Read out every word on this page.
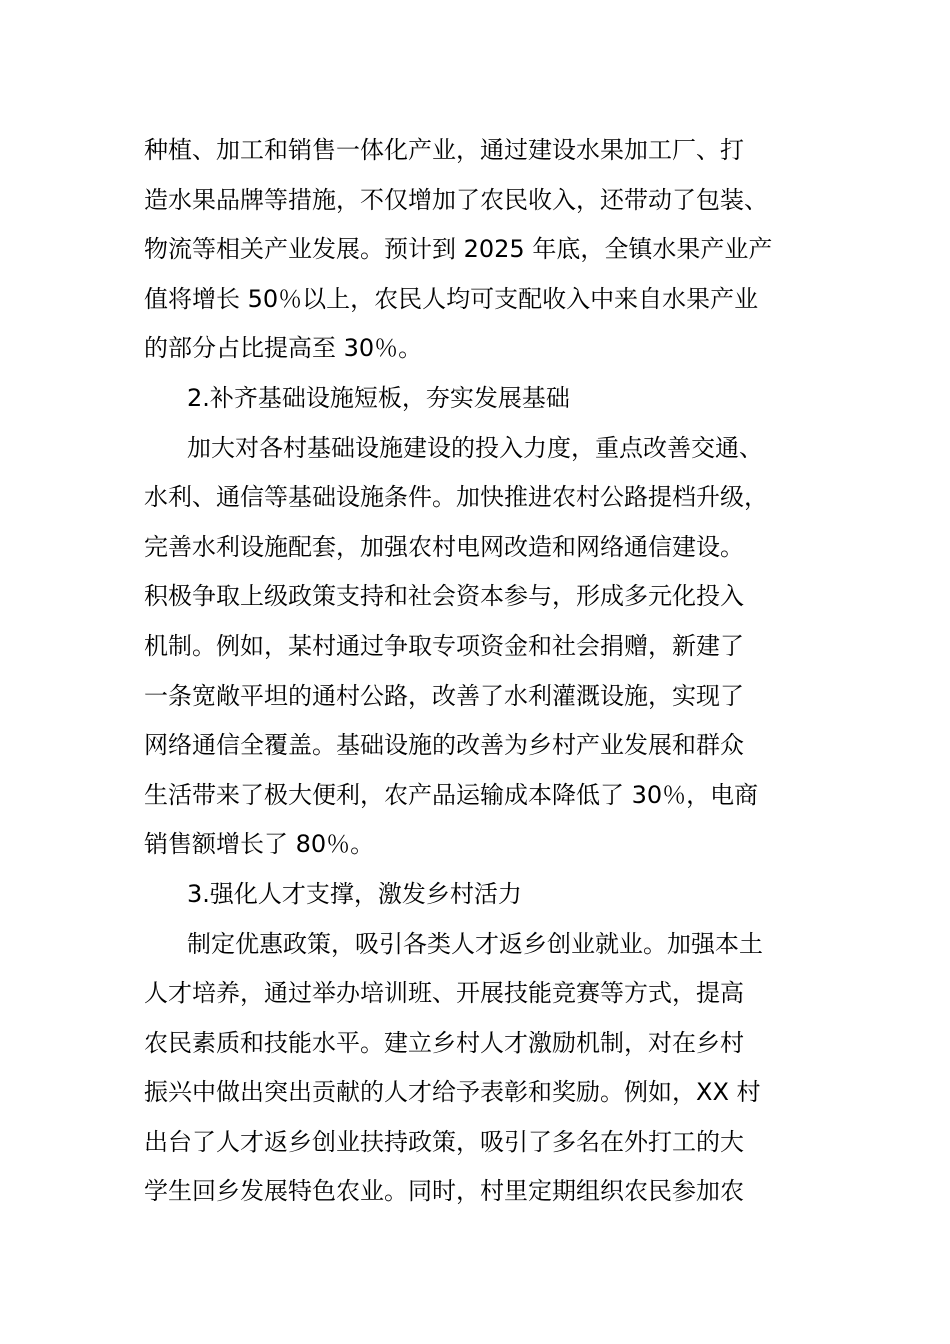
种植、加工和销售一体化产业，通过建设水果加工厂、打
造水果品牌等措施，不仅增加了农民收入，还带动了包装、
物流等相关产业发展。预计到 2025 年底，全镇水果产业产
值将增长 50％以上，农民人均可支配收入中来自水果产业
的部分占比提高至 30％。
2.补齐基础设施短板，夯实发展基础
加大对各村基础设施建设的投入力度，重点改善交通、
水利、通信等基础设施条件。加快推进农村公路提档升级，
完善水利设施配套，加强农村电网改造和网络通信建设。
积极争取上级政策支持和社会资本参与，形成多元化投入
机制。例如，某村通过争取专项资金和社会捐赠，新建了
一条宽敞平坦的通村公路，改善了水利灌溉设施，实现了
网络通信全覆盖。基础设施的改善为乡村产业发展和群众
生活带来了极大便利，农产品运输成本降低了 30％，电商
销售额增长了 80％。
3.强化人才支撑，激发乡村活力
制定优惠政策，吸引各类人才返乡创业就业。加强本土
人才培养，通过举办培训班、开展技能竞赛等方式，提高
农民素质和技能水平。建立乡村人才激励机制，对在乡村
振兴中做出突出贡献的人才给予表彰和奖励。例如，XX 村
出台了人才返乡创业扶持政策，吸引了多名在外打工的大
学生回乡发展特色农业。同时，村里定期组织农民参加农
